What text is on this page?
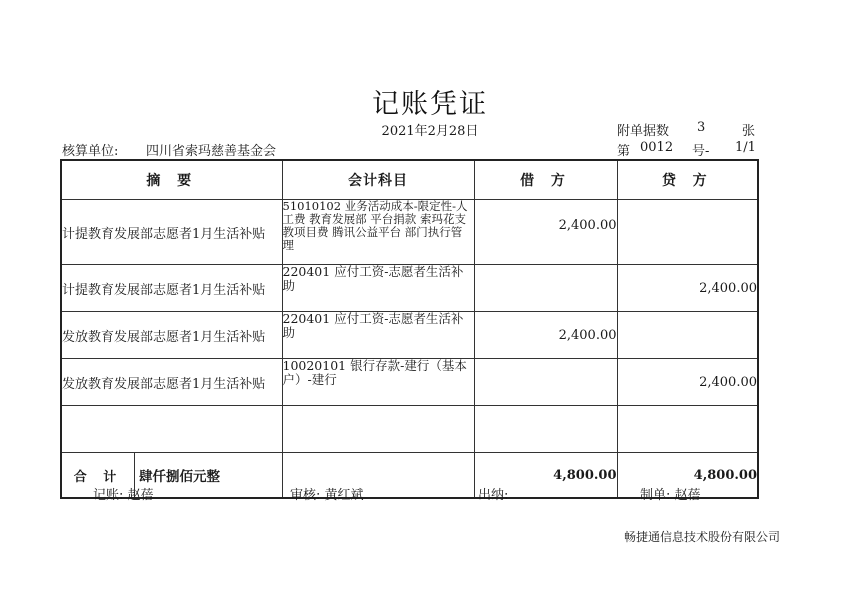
记账凭证
2021年2月28日	附单据数 3	张
核算单位: 四川省索玛慈善基金会	第 0012 号- 1/1
摘 要	会计科目	借 方	贷 方
计提教育发展部志愿者1月生活补贴	51010102 业务活动成本-限定性-人工费 教育发展部 平台捐款 索玛花支教项目费 腾讯公益平台 部门执行管理	2,400.00	
计提教育发展部志愿者1月生活补贴	220401 应付工资-志愿者生活补助		2,400.00
发放教育发展部志愿者1月生活补贴	220401 应付工资-志愿者生活补助	2,400.00	
发放教育发展部志愿者1月生活补贴	10020101 银行存款-建行（基本户）-建行		2,400.00

合 计 肆仟捌佰元整		4,800.00	4,800.00
记账: 赵蓓	审核: 黄红斌	出纳:	制单: 赵蓓
畅捷通信息技术股份有限公司
